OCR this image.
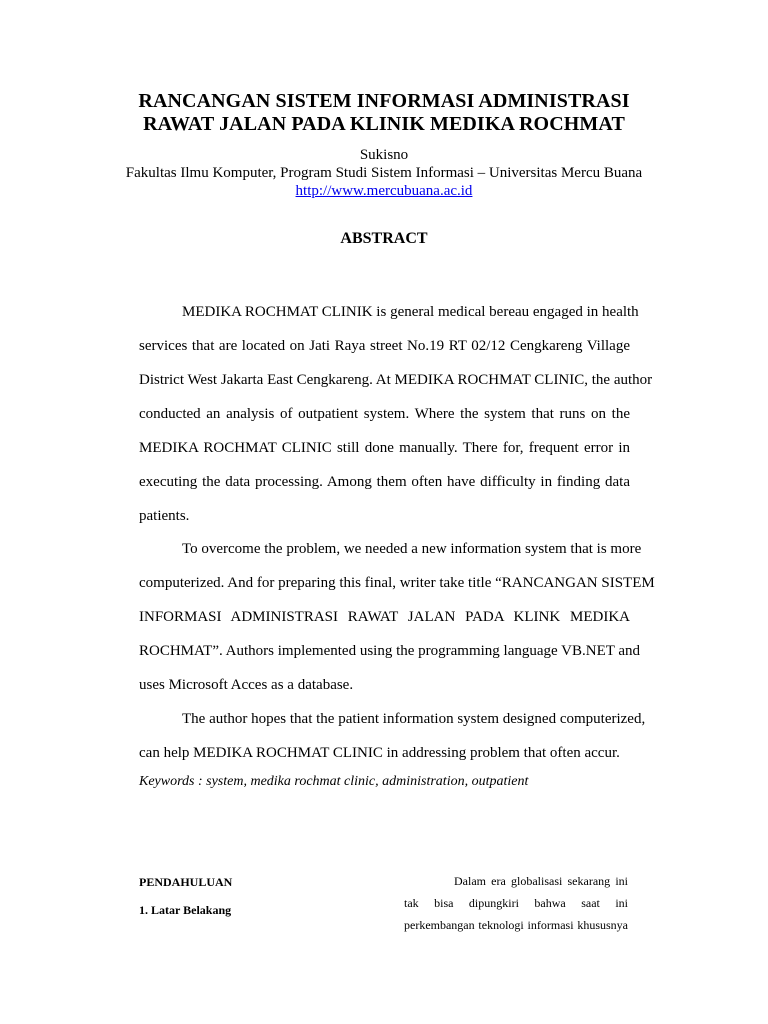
RANCANGAN SISTEM INFORMASI ADMINISTRASI
RAWAT JALAN PADA KLINIK MEDIKA ROCHMAT
Sukisno
Fakultas Ilmu Komputer, Program Studi Sistem Informasi – Universitas Mercu Buana
http://www.mercubuana.ac.id
ABSTRACT
MEDIKA ROCHMAT CLINIK is general medical bereau engaged in health
services that are located on Jati Raya street No.19 RT 02/12 Cengkareng Village
District West Jakarta East Cengkareng. At MEDIKA ROCHMAT CLINIC, the author
conducted an analysis of outpatient system. Where the system that runs on the
MEDIKA ROCHMAT CLINIC still done manually. There for, frequent error in
executing the data processing. Among them often have difficulty in finding data
patients.
To overcome the problem, we needed a new information system that is more
computerized. And for preparing this final, writer take title “RANCANGAN SISTEM
INFORMASI ADMINISTRASI RAWAT JALAN PADA KLINK MEDIKA
ROCHMAT”. Authors implemented using the programming language VB.NET and
uses Microsoft Acces as a database.
The author hopes that the patient information system designed computerized,
can help MEDIKA ROCHMAT CLINIC in addressing problem that often accur.
Keywords : system, medika rochmat clinic, administration, outpatient
PENDAHULUAN
1. Latar Belakang
Dalam era globalisasi sekarang ini
tak bisa dipungkiri bahwa saat ini
perkembangan teknologi informasi khususnya
